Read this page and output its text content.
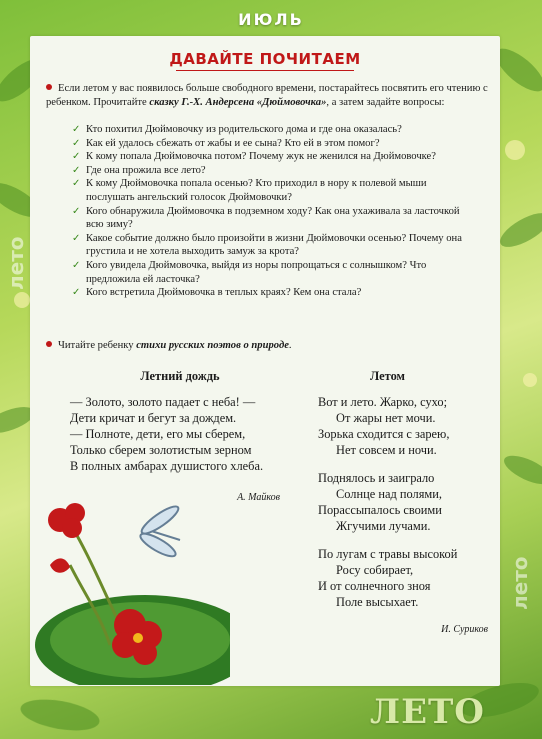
ИЮЛЬ
лето
лето
ДАВАЙТЕ ПОЧИТАЕМ
Если летом у вас появилось больше свободного времени, постарайтесь посвятить его чтению с ребенком. Прочитайте сказку Г.-Х. Андерсена «Дюймовочка», а затем задайте вопросы:
✓ Кто похитил Дюймовочку из родительского дома и где она оказалась?
✓ Как ей удалось сбежать от жабы и ее сына? Кто ей в этом помог?
✓ К кому попала Дюймовочка потом? Почему жук не женился на Дюймовочке?
✓ Где она прожила все лето?
✓ К кому Дюймовочка попала осенью? Кто приходил в нору к полевой мыши послушать ангельский голосок Дюймовочки?
✓ Кого обнаружила Дюймовочка в подземном ходу? Как она ухаживала за ласточкой всю зиму?
✓ Какое событие должно было произойти в жизни Дюймовочки осенью? Почему она грустила и не хотела выходить замуж за крота?
✓ Кого увидела Дюймовочка, выйдя из норы попрощаться с солнышком? Что предложила ей ласточка?
✓ Кого встретила Дюймовочка в теплых краях? Кем она стала?
Читайте ребенку стихи русских поэтов о природе.
Летний дождь
— Золото, золото падает с неба! —
Дети кричат и бегут за дождем.
— Полноте, дети, его мы сберем,
Только сберем золотистым зерном
В полных амбарах душистого хлеба.
А. Майков
Летом
Вот и лето. Жарко, сухо;
От жары нет мочи.
Зорька сходится с зарею,
Нет совсем и ночи.
Поднялось и заиграло
Солнце над полями,
Порассыпалось своими
Жгучими лучами.
По лугам с травы высокой
Росу собирает,
И от солнечного зноя
Поле высыхает.
И. Суриков
ЛЕТО
